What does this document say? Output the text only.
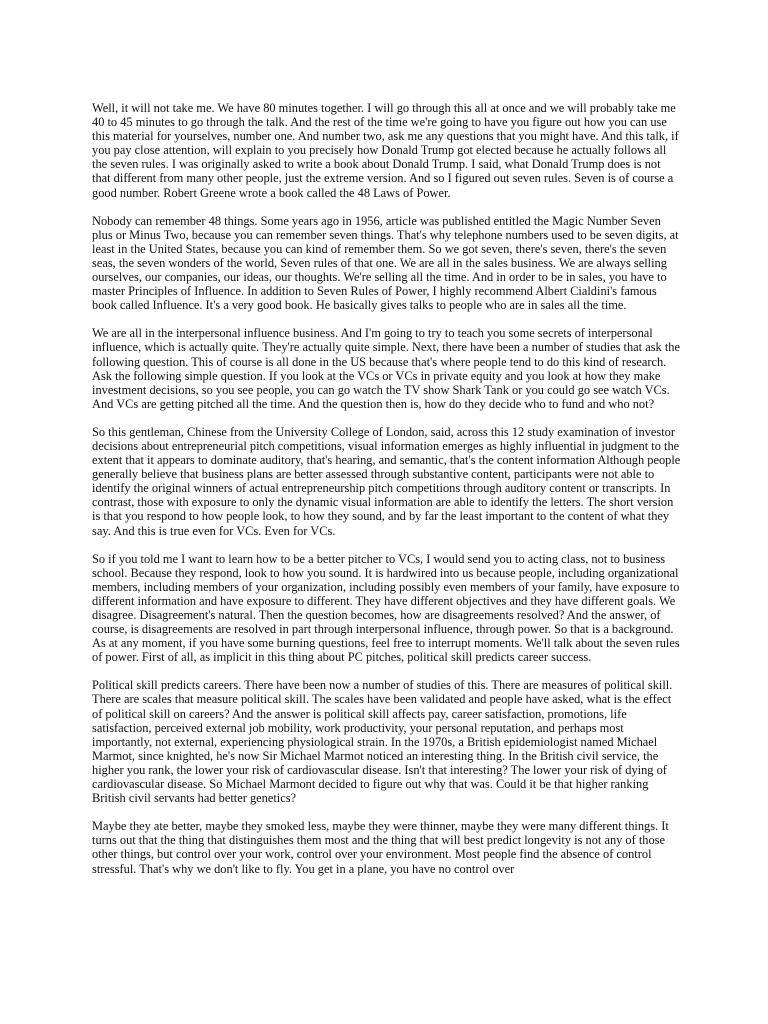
Well, it will not take me. We have 80 minutes together. I will go through this all at once and we will probably take me 40 to 45 minutes to go through the talk. And the rest of the time we're going to have you figure out how you can use this material for yourselves, number one. And number two, ask me any questions that you might have. And this talk, if you pay close attention, will explain to you precisely how Donald Trump got elected because he actually follows all the seven rules. I was originally asked to write a book about Donald Trump. I said, what Donald Trump does is not that different from many other people, just the extreme version. And so I figured out seven rules. Seven is of course a good number. Robert Greene wrote a book called the 48 Laws of Power.

Nobody can remember 48 things. Some years ago in 1956, article was published entitled the Magic Number Seven plus or Minus Two, because you can remember seven things. That's why telephone numbers used to be seven digits, at least in the United States, because you can kind of remember them. So we got seven, there's seven, there's the seven seas, the seven wonders of the world, Seven rules of that one. We are all in the sales business. We are always selling ourselves, our companies, our ideas, our thoughts. We're selling all the time. And in order to be in sales, you have to master Principles of Influence. In addition to Seven Rules of Power, I highly recommend Albert Cialdini's famous book called Influence. It's a very good book. He basically gives talks to people who are in sales all the time.

We are all in the interpersonal influence business. And I'm going to try to teach you some secrets of interpersonal influence, which is actually quite. They're actually quite simple. Next, there have been a number of studies that ask the following question. This of course is all done in the US because that's where people tend to do this kind of research. Ask the following simple question. If you look at the VCs or VCs in private equity and you look at how they make investment decisions, so you see people, you can go watch the TV show Shark Tank or you could go see watch VCs. And VCs are getting pitched all the time. And the question then is, how do they decide who to fund and who not?

So this gentleman, Chinese from the University College of London, said, across this 12 study examination of investor decisions about entrepreneurial pitch competitions, visual information emerges as highly influential in judgment to the extent that it appears to dominate auditory, that's hearing, and semantic, that's the content information Although people generally believe that business plans are better assessed through substantive content, participants were not able to identify the original winners of actual entrepreneurship pitch competitions through auditory content or transcripts. In contrast, those with exposure to only the dynamic visual information are able to identify the letters. The short version is that you respond to how people look, to how they sound, and by far the least important to the content of what they say. And this is true even for VCs. Even for VCs.

So if you told me I want to learn how to be a better pitcher to VCs, I would send you to acting class, not to business school. Because they respond, look to how you sound. It is hardwired into us because people, including organizational members, including members of your organization, including possibly even members of your family, have exposure to different information and have exposure to different. They have different objectives and they have different goals. We disagree. Disagreement's natural. Then the question becomes, how are disagreements resolved? And the answer, of course, is disagreements are resolved in part through interpersonal influence, through power. So that is a background. As at any moment, if you have some burning questions, feel free to interrupt moments. We'll talk about the seven rules of power. First of all, as implicit in this thing about PC pitches, political skill predicts career success.

Political skill predicts careers. There have been now a number of studies of this. There are measures of political skill. There are scales that measure political skill. The scales have been validated and people have asked, what is the effect of political skill on careers? And the answer is political skill affects pay, career satisfaction, promotions, life satisfaction, perceived external job mobility, work productivity, your personal reputation, and perhaps most importantly, not external, experiencing physiological strain. In the 1970s, a British epidemiologist named Michael Marmot, since knighted, he's now Sir Michael Marmot noticed an interesting thing. In the British civil service, the higher you rank, the lower your risk of cardiovascular disease. Isn't that interesting? The lower your risk of dying of cardiovascular disease. So Michael Marmont decided to figure out why that was. Could it be that higher ranking British civil servants had better genetics?

Maybe they ate better, maybe they smoked less, maybe they were thinner, maybe they were many different things. It turns out that the thing that distinguishes them most and the thing that will best predict longevity is not any of those other things, but control over your work, control over your environment. Most people find the absence of control stressful. That's why we don't like to fly. You get in a plane, you have no control over
